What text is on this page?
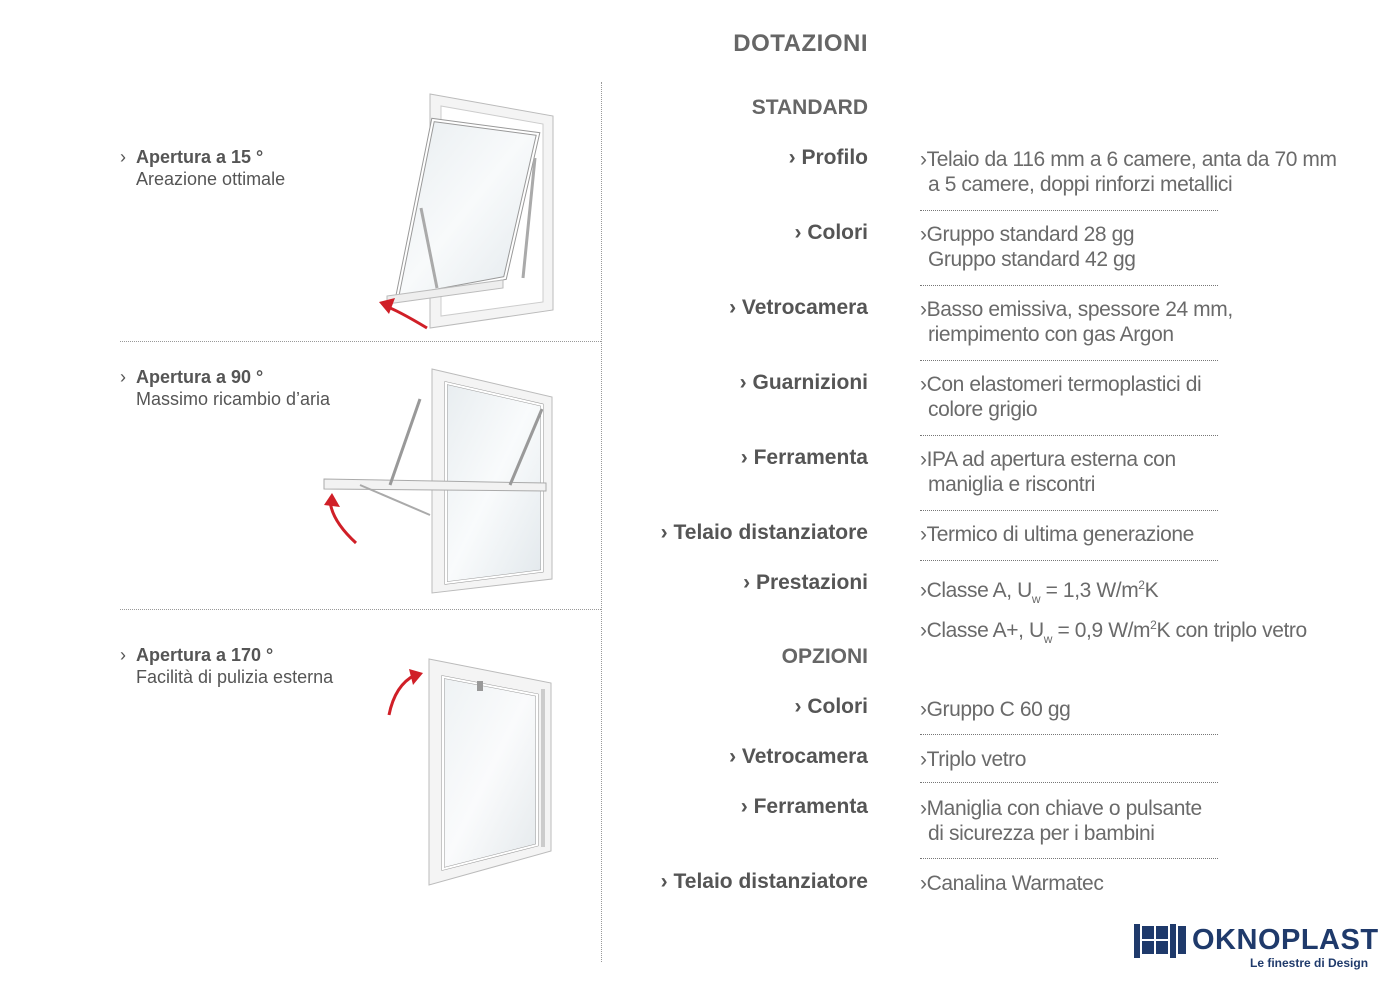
DOTAZIONI
› Apertura a 15 °
Areazione ottimale
› Apertura a 90 °
Massimo ricambio d’aria
› Apertura a 170 °
Facilità di pulizia esterna
STANDARD
› Profilo ›Telaio da 116 mm a 6 camere, anta da 70 mm
a 5 camere, doppi rinforzi metallici
› Colori ›Gruppo standard 28 gg
Gruppo standard 42 gg
› Vetrocamera ›Basso emissiva, spessore 24 mm,
riempimento con gas Argon
› Guarnizioni ›Con elastomeri termoplastici di
colore grigio
› Ferramenta ›IPA ad apertura esterna con
maniglia e riscontri
› Telaio distanziatore ›Termico di ultima generazione
› Prestazioni ›Classe A, $U_w = 1,3$ $W/m^2K$
›Classe A+, $U_w = 0,9$ $W/m^2K$ con triplo vetro
OPZIONI
› Colori ›Gruppo C 60 gg
› Vetrocamera ›Triplo vetro
› Ferramenta ›Maniglia con chiave o pulsante
di sicurezza per i bambini
› Telaio distanziatore ›Canalina Warmatec
OKNOPLAST
Le finestre di Design
